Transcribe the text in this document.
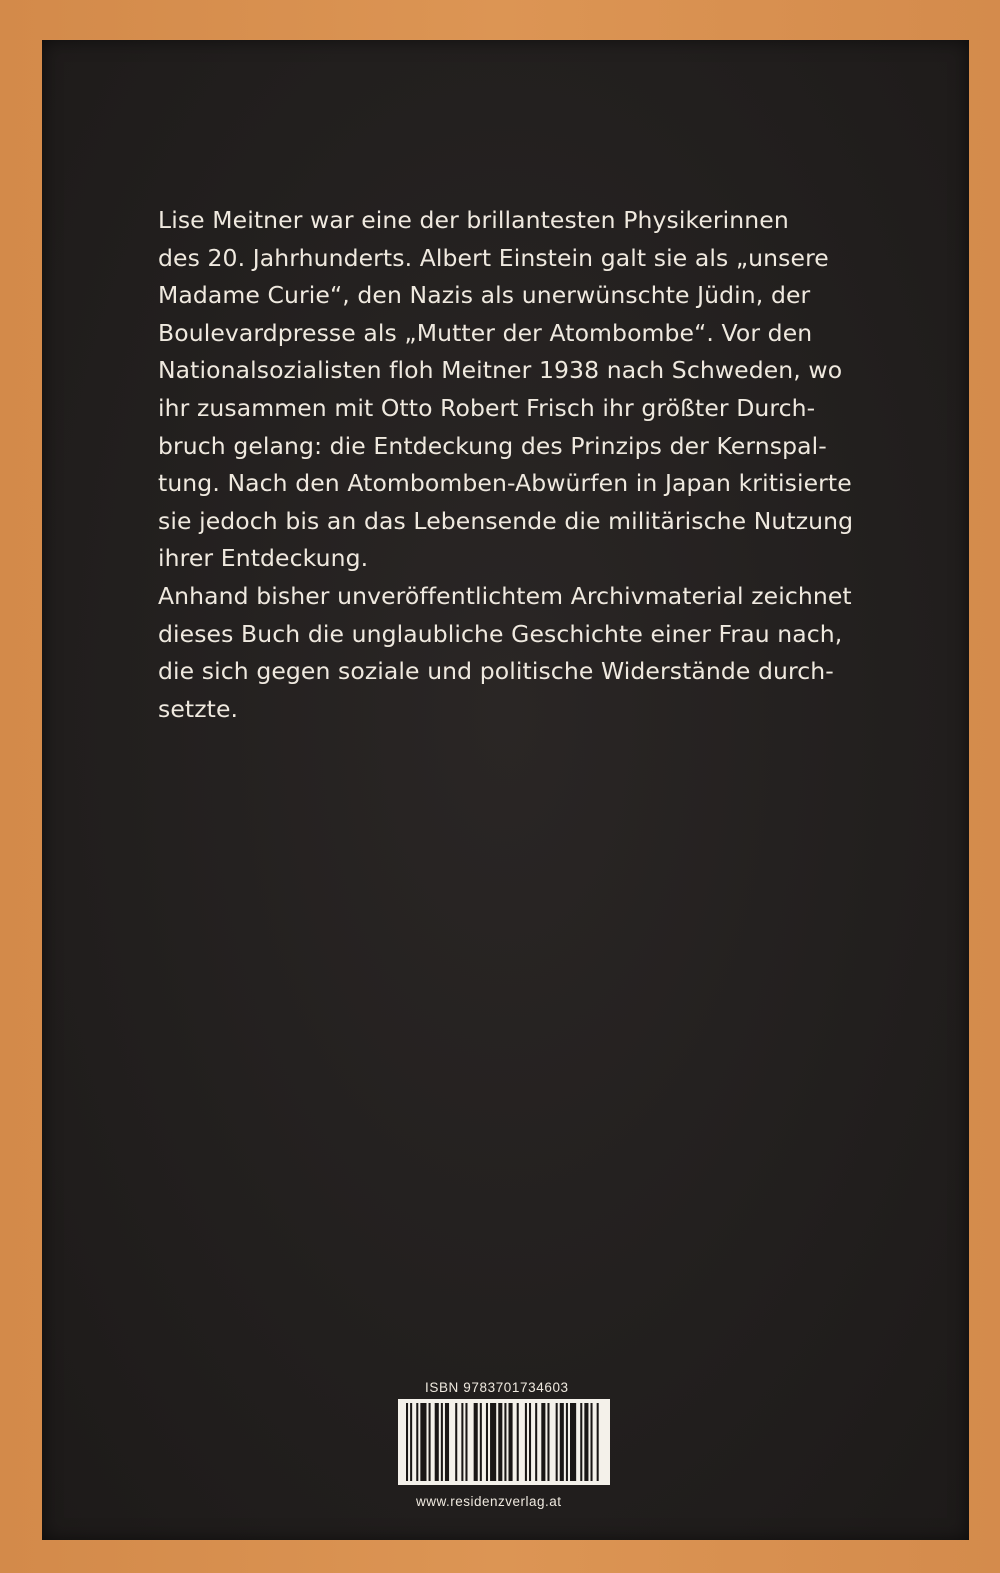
Lise Meitner war eine der brillantesten Physikerinnen
des 20. Jahrhunderts. Albert Einstein galt sie als „unsere
Madame Curie“, den Nazis als unerwünschte Jüdin, der
Boulevardpresse als „Mutter der Atombombe“. Vor den
Nationalsozialisten floh Meitner 1938 nach Schweden, wo
ihr zusammen mit Otto Robert Frisch ihr größter Durch-
bruch gelang: die Entdeckung des Prinzips der Kernspal-
tung. Nach den Atombomben-Abwürfen in Japan kritisierte
sie jedoch bis an das Lebensende die militärische Nutzung
ihrer Entdeckung.
Anhand bisher unveröffentlichtem Archivmaterial zeichnet
dieses Buch die unglaubliche Geschichte einer Frau nach,
die sich gegen soziale und politische Widerstände durch-
setzte.

ISBN 9783701734603
www.residenzverlag.at
